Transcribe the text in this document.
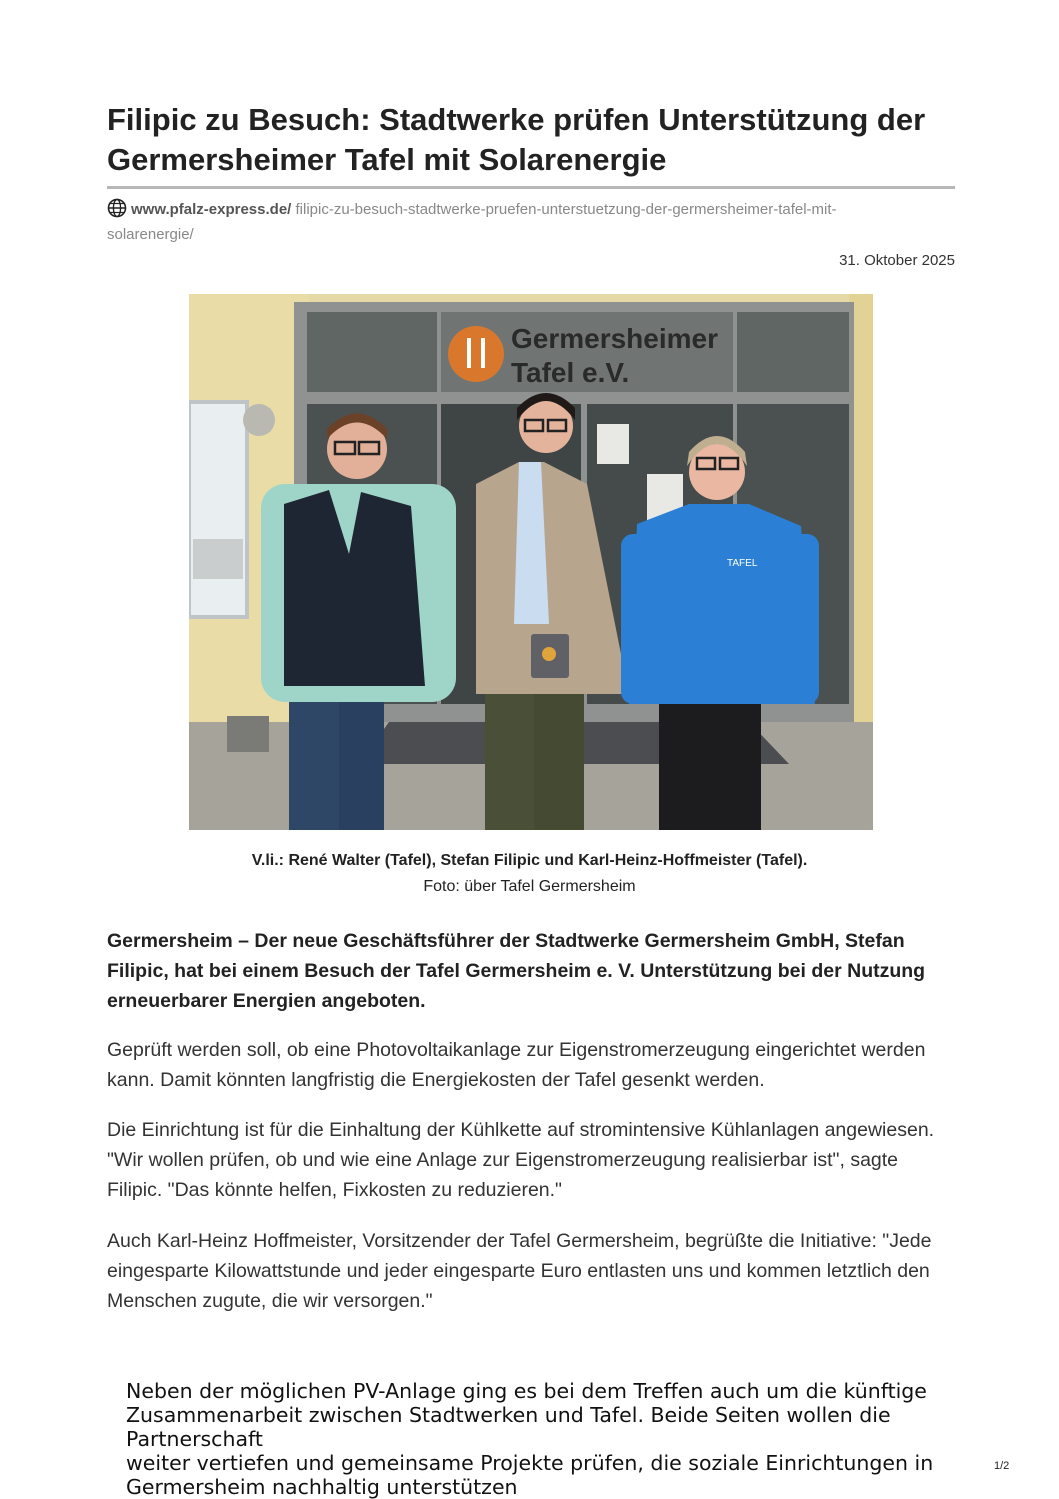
Filipic zu Besuch: Stadtwerke prüfen Unterstützung der Germersheimer Tafel mit Solarenergie
www.pfalz-express.de/ filipic-zu-besuch-stadtwerke-pruefen-unterstuetzung-der-germersheimer-tafel-mit-solarenergie/
31. Oktober 2025
Germersheimer
Tafel e.V.
TAFEL
V.li.: René Walter (Tafel), Stefan Filipic und Karl-Heinz-Hoffmeister (Tafel).
Foto: über Tafel Germersheim

Germersheim – Der neue Geschäftsführer der Stadtwerke Germersheim GmbH, Stefan Filipic, hat bei einem Besuch der Tafel Germersheim e. V. Unterstützung bei der Nutzung erneuerbarer Energien angeboten.

Geprüft werden soll, ob eine Photovoltaikanlage zur Eigenstromerzeugung eingerichtet werden kann. Damit könnten langfristig die Energiekosten der Tafel gesenkt werden.

Die Einrichtung ist für die Einhaltung der Kühlkette auf stromintensive Kühlanlagen angewiesen. "Wir wollen prüfen, ob und wie eine Anlage zur Eigenstromerzeugung realisierbar ist", sagte Filipic. "Das könnte helfen, Fixkosten zu reduzieren."

Auch Karl-Heinz Hoffmeister, Vorsitzender der Tafel Germersheim, begrüßte die Initiative: "Jede eingesparte Kilowattstunde und jeder eingesparte Euro entlasten uns und kommen letztlich den Menschen zugute, die wir versorgen."

Neben der möglichen PV-Anlage ging es bei dem Treffen auch um die künftige
Zusammenarbeit zwischen Stadtwerken und Tafel. Beide Seiten wollen die
Partnerschaft
weiter vertiefen und gemeinsame Projekte prüfen, die soziale Einrichtungen in
Germersheim nachhaltig unterstützen
1/2
